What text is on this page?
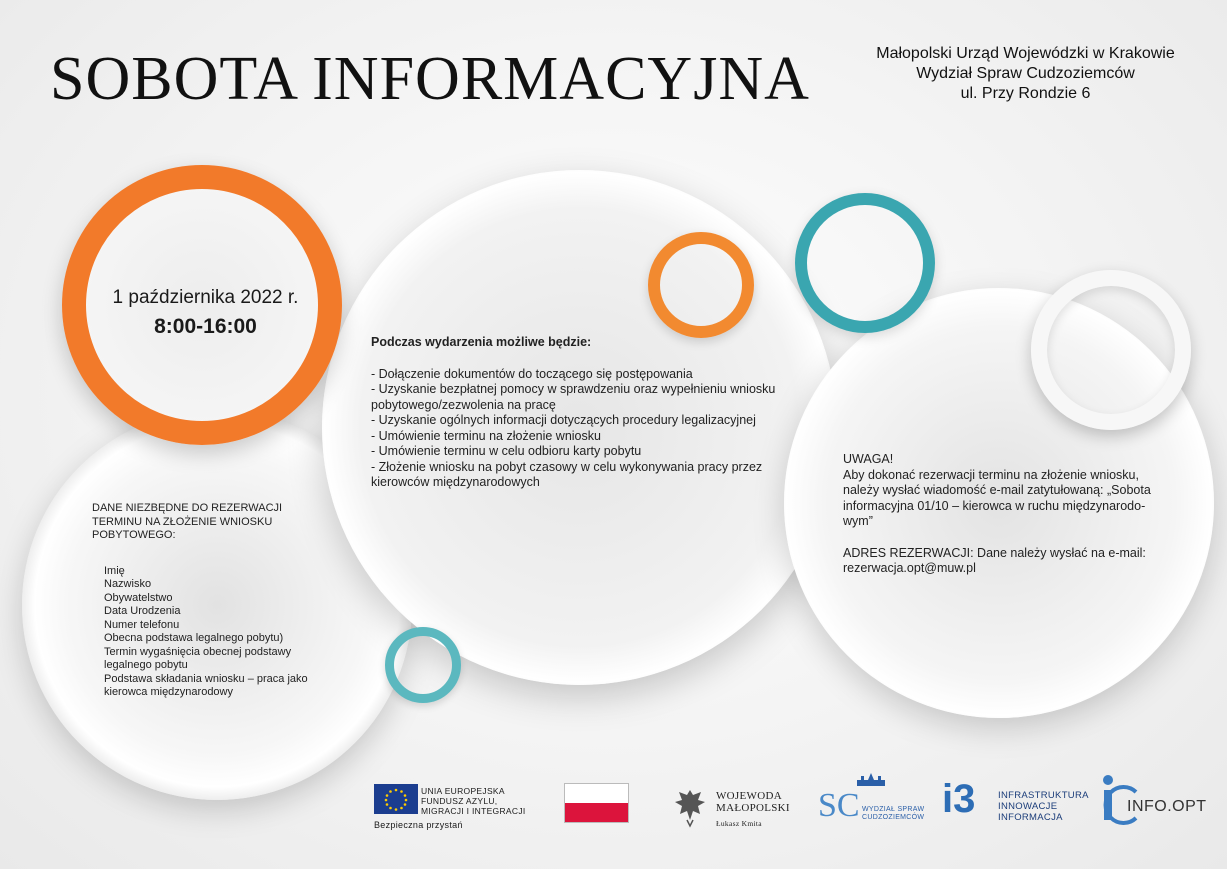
SOBOTA INFORMACYJNA	Małopolski Urząd Wojewódzki w Krakowie
Wydział Spraw Cudzoziemców
ul. Przy Rondzie 6
1 października 2022 r.
8:00-16:00
Podczas wydarzenia możliwe będzie:
- Dołączenie dokumentów do toczącego się postępowania
- Uzyskanie bezpłatnej pomocy w sprawdzeniu oraz wypełnieniu wniosku pobytowego/zezwolenia na pracę
- Uzyskanie ogólnych informacji dotyczących procedury legalizacyjnej
- Umówienie terminu na złożenie wniosku
- Umówienie terminu w celu odbioru karty pobytu
- Złożenie wniosku na pobyt czasowy w celu wykonywania pracy przez kierowców międzynarodowych
DANE NIEZBĘDNE DO REZERWACJI TERMINU NA ZŁOŻENIE WNIOSKU POBYTOWEGO:
Imię
Nazwisko
Obywatelstwo
Data Urodzenia
Numer telefonu
Obecna podstawa legalnego pobytu)
Termin wygaśnięcia obecnej podstawy legalnego pobytu
Podstawa składania wniosku – praca jako kierowca międzynarodowy
UWAGA!
Aby dokonać rezerwacji terminu na złożenie wniosku, należy wysłać wiadomość e-mail zatytułowaną: „Sobota informacyjna 01/10 – kierowca w ruchu międzynarodo-wym”
ADRES REZERWACJI: Dane należy wysłać na e-mail:
rezerwacja.opt@muw.pl
UNIA EUROPEJSKA
FUNDUSZ AZYLU,
MIGRACJI I INTEGRACJI
Bezpieczna przystań
WOJEWODA
MAŁOPOLSKI
Łukasz Kmita	SC WYDZIAŁ SPRAW
CUDZOZIEMCÓW i3 INFRASTRUKTURA
INNOWACJE
INFORMACJA
INFO.OPT
